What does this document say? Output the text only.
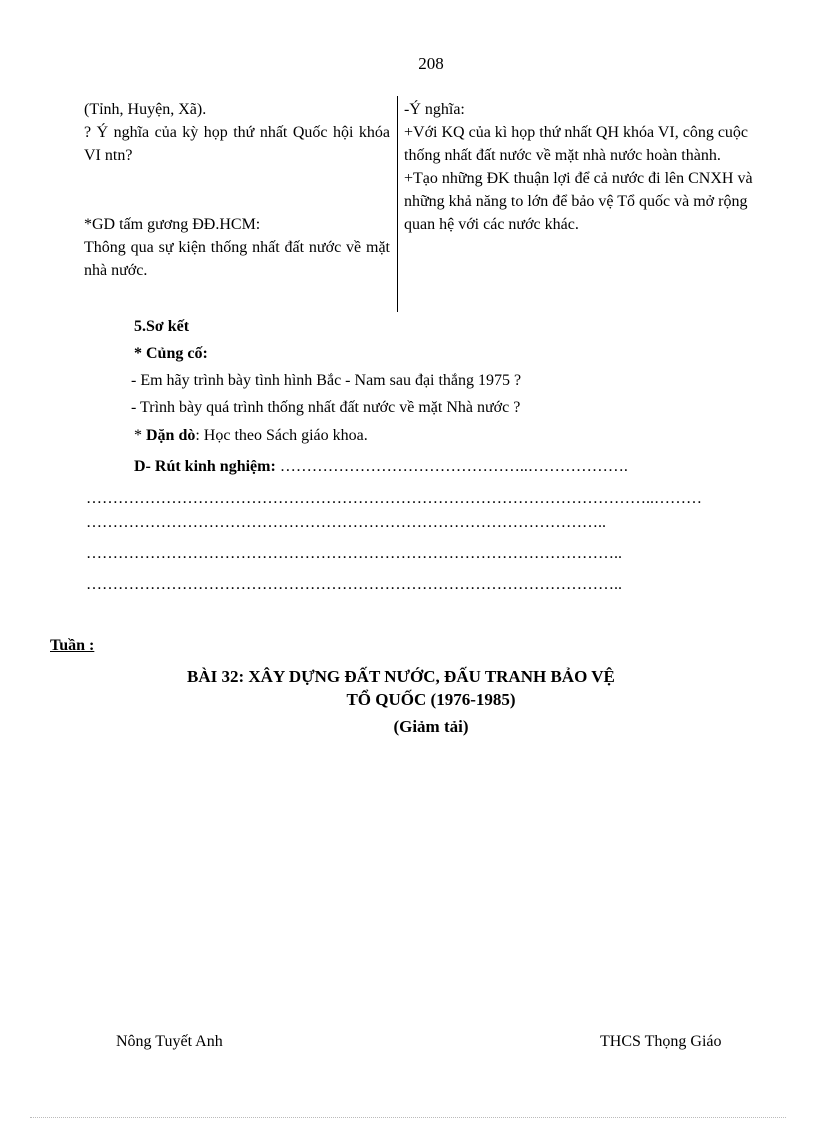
208

(Tỉnh, Huyện, Xã).

? Ý nghĩa của kỳ họp thứ nhất Quốc hội khóa VI ntn?

*GD tấm gương ĐĐ.HCM:

Thông qua sự kiện thống nhất đất nước về mặt nhà nước.

-Ý nghĩa:

+Với KQ của kì họp thứ nhất QH khóa VI, công cuộc thống nhất đất nước về mặt nhà nước hoàn thành.

+Tạo những ĐK thuận lợi để cả nước đi lên CNXH và những khả năng to lớn để bảo vệ Tổ quốc và mở rộng quan hệ với các nước khác.

5.Sơ kết
* Củng cố:
- Em hãy trình bày tình hình Bắc - Nam sau đại thắng 1975 ?
- Trình bày quá trình thống nhất đất nước về mặt Nhà nước ?
* Dặn dò: Học theo Sách giáo khoa.
D- Rút kinh nghiệm: ………………………………………..……………….
……………………………………………………………………………………………..………
……………………………………………………………………………………..
………………………………………………………………………………………..
………………………………………………………………………………………..
Tuần :
BÀI 32: XÂY DỰNG ĐẤT NƯỚC, ĐẤU TRANH BẢO VỆ
TỔ QUỐC (1976-1985)
(Giảm tải)
Nông Tuyết Anh	THCS Thọng Giáo
